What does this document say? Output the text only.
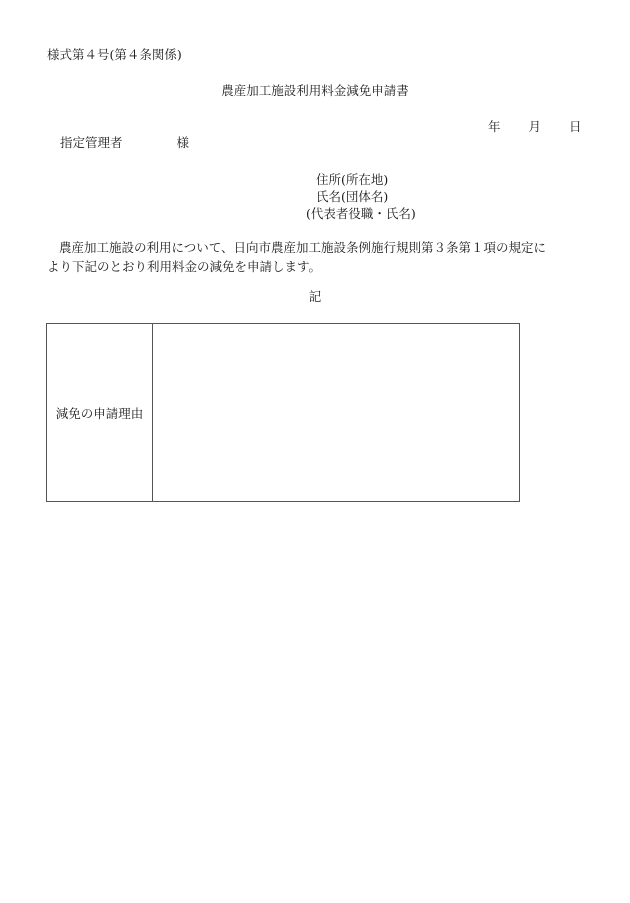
様式第４号(第４条関係)
農産加工施設利用料金減免申請書
年 月 日
指定管理者	様
住所(所在地)
氏名(団体名)
(代表者役職・氏名)
農産加工施設の利用について、日向市農産加工施設条例施行規則第３条第１項の規定に
より下記のとおり利用料金の減免を申請します。
記
減免の申請理由
